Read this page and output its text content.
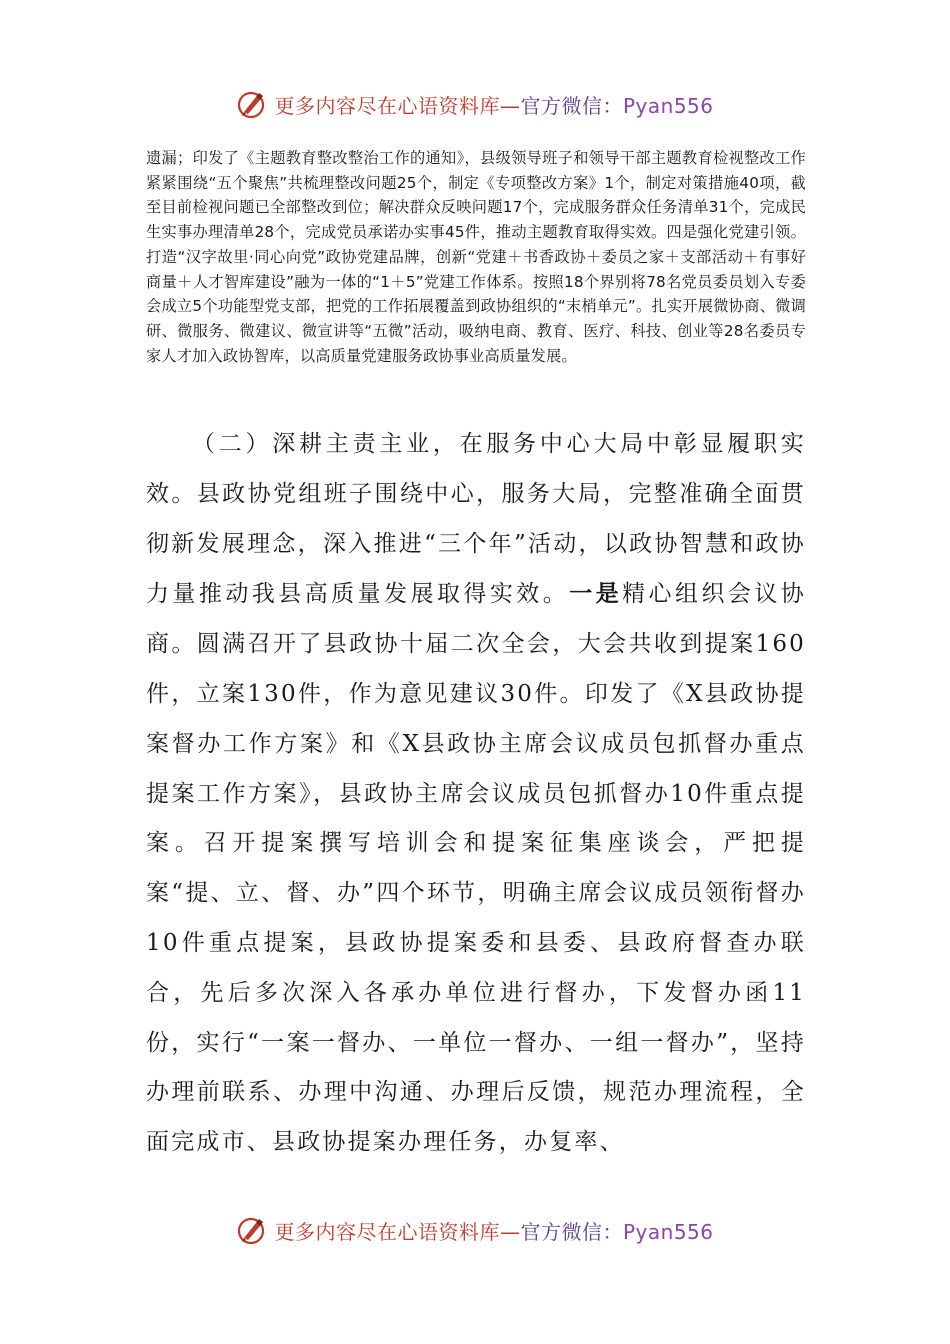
更多内容尽在心语资料库—官方微信：Pyan556

遗漏；印发了《主题教育整改整治工作的通知》，县级领导班子和领导干部主题教育检视整改工作紧紧围绕“五个聚焦”共梳理整改问题25个，制定《专项整改方案》1个，制定对策措施40项，截至目前检视问题已全部整改到位；解决群众反映问题17个，完成服务群众任务清单31个，完成民生实事办理清单28个，完成党员承诺办实事45件，推动主题教育取得实效。四是强化党建引领。打造“汉字故里·同心向党”政协党建品牌，创新“党建＋书香政协＋委员之家＋支部活动＋有事好商量＋人才智库建设”融为一体的“1＋5”党建工作体系。按照18个界别将78名党员委员划入专委会成立5个功能型党支部，把党的工作拓展覆盖到政协组织的“末梢单元”。扎实开展微协商、微调研、微服务、微建议、微宣讲等“五微”活动，吸纳电商、教育、医疗、科技、创业等28名委员专家人才加入政协智库，以高质量党建服务政协事业高质量发展。

（二）深耕主责主业，在服务中心大局中彰显履职实效。县政协党组班子围绕中心，服务大局，完整准确全面贯彻新发展理念，深入推进“三个年”活动，以政协智慧和政协力量推动我县高质量发展取得实效。一是精心组织会议协商。圆满召开了县政协十届二次全会，大会共收到提案160件，立案130件，作为意见建议30件。印发了《X县政协提案督办工作方案》和《X县政协主席会议成员包抓督办重点提案工作方案》，县政协主席会议成员包抓督办10件重点提案。召开提案撰写培训会和提案征集座谈会，严把提案“提、立、督、办”四个环节，明确主席会议成员领衔督办10件重点提案，县政协提案委和县委、县政府督查办联合，先后多次深入各承办单位进行督办，下发督办函11份，实行“一案一督办、一单位一督办、一组一督办”，坚持办理前联系、办理中沟通、办理后反馈，规范办理流程，全面完成市、县政协提案办理任务，办复率、

更多内容尽在心语资料库—官方微信：Pyan556
